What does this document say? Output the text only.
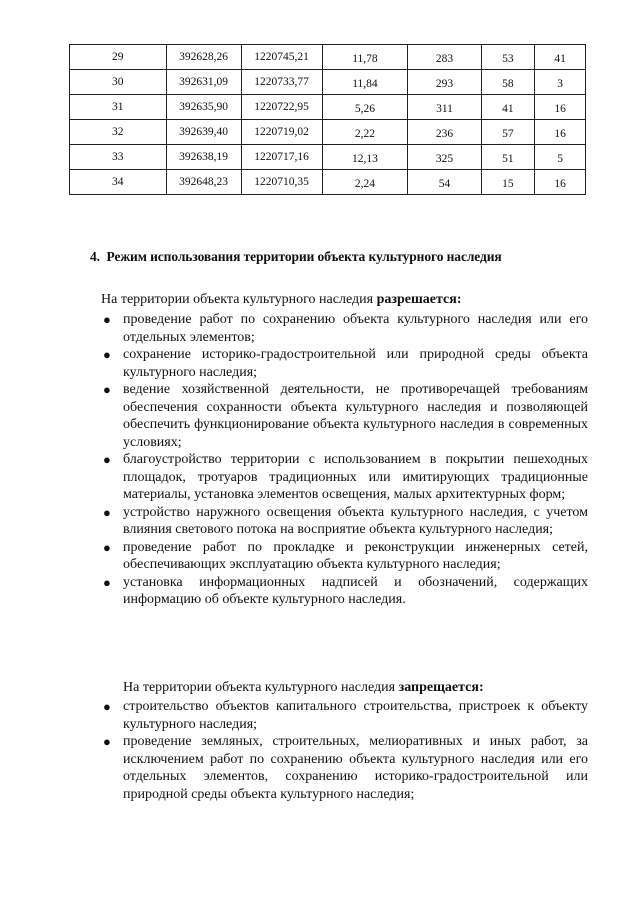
29	392628,26	1220745,21	11,78	283	53	41
30	392631,09	1220733,77	11,84	293	58	3
31	392635,90	1220722,95	5,26	311	41	16
32	392639,40	1220719,02	2,22	236	57	16
33	392638,19	1220717,16	12,13	325	51	5
34	392648,23	1220710,35	2,24	54	15	16
4. Режим использования территории объекта культурного наследия
На территории объекта культурного наследия разрешается:
● проведение работ по сохранению объекта культурного наследия или его отдельных элементов;
● сохранение историко-градостроительной или природной среды объекта культурного наследия;
● ведение хозяйственной деятельности, не противоречащей требованиям обеспечения сохранности объекта культурного наследия и позволяющей обеспечить функционирование объекта культурного наследия в современных условиях;
● благоустройство территории с использованием в покрытии пешеходных площадок, тротуаров традиционных или имитирующих традиционные материалы, установка элементов освещения, малых архитектурных форм;
● устройство наружного освещения объекта культурного наследия, с учетом влияния светового потока на восприятие объекта культурного наследия;
● проведение работ по прокладке и реконструкции инженерных сетей, обеспечивающих эксплуатацию объекта культурного наследия;
● установка информационных надписей и обозначений, содержащих информацию об объекте культурного наследия.
На территории объекта культурного наследия запрещается:
● строительство объектов капитального строительства, пристроек к объекту культурного наследия;
● проведение земляных, строительных, мелиоративных и иных работ, за исключением работ по сохранению объекта культурного наследия или его отдельных элементов, сохранению историко-градостроительной или природной среды объекта культурного наследия;
